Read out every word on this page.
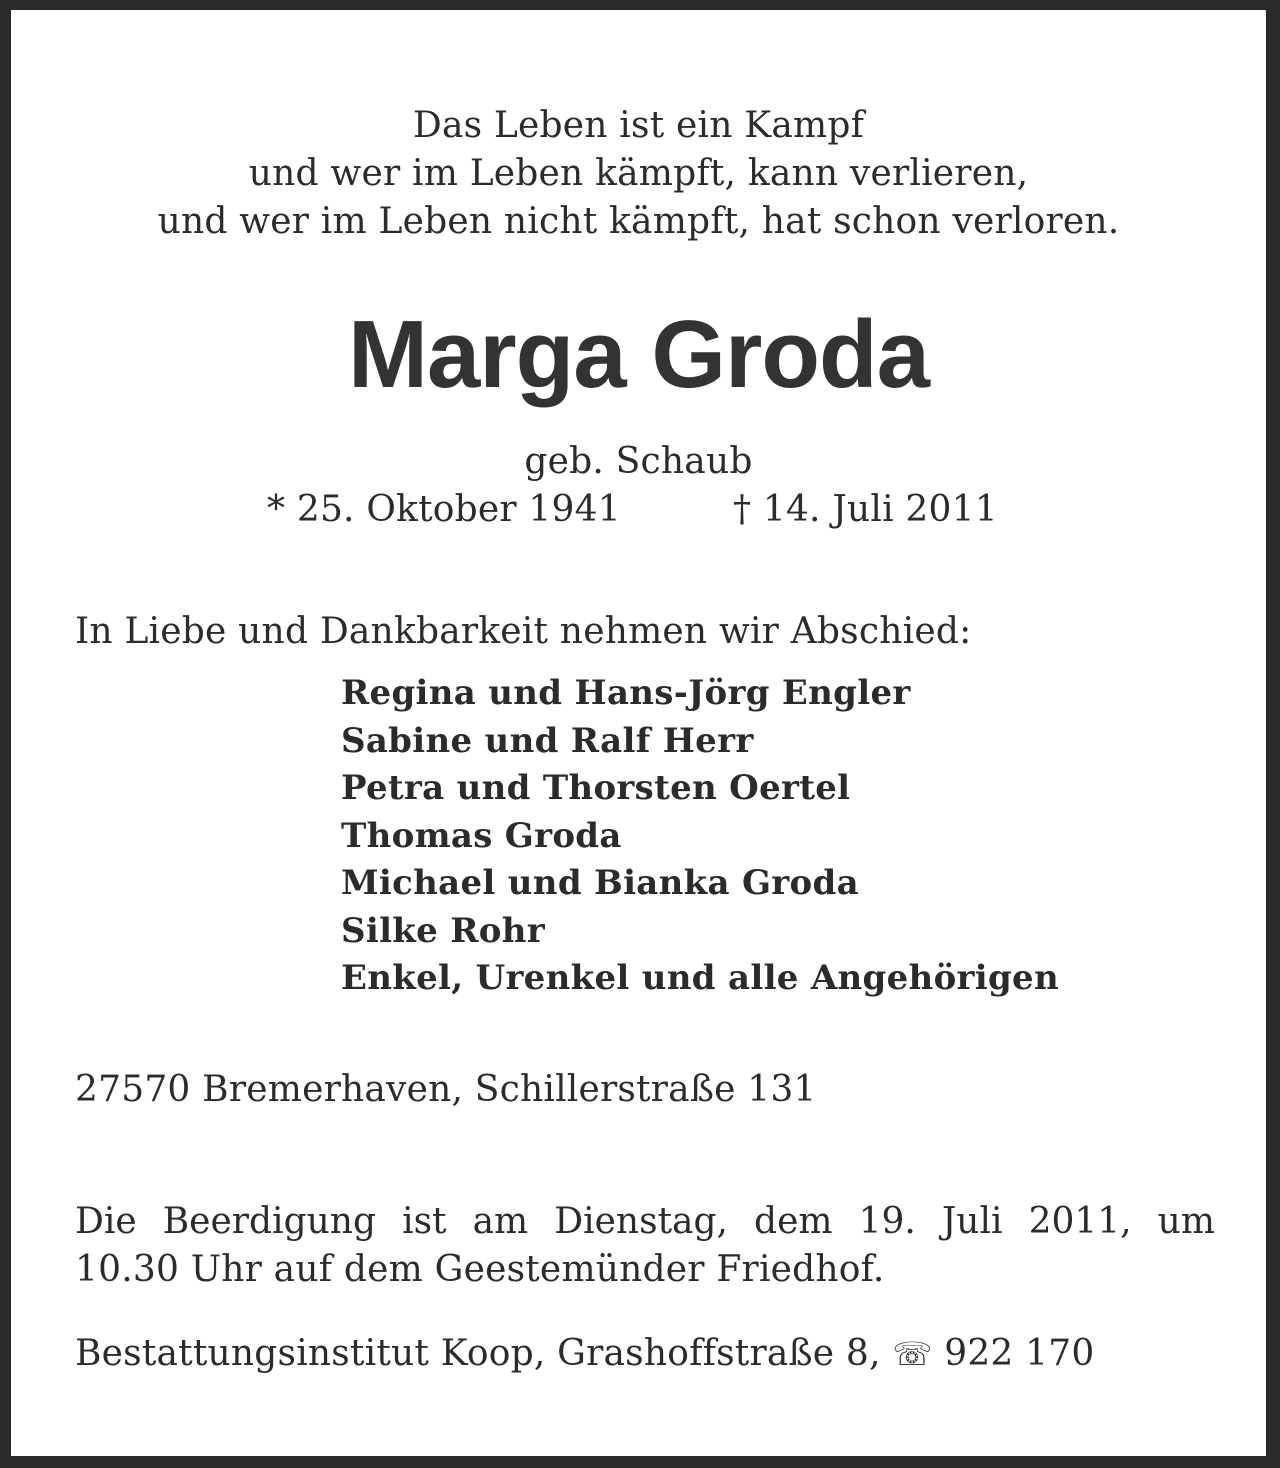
Das Leben ist ein Kampf
und wer im Leben kämpft, kann verlieren,
und wer im Leben nicht kämpft, hat schon verloren.
Marga Groda
geb. Schaub
* 25. Oktober 1941	† 14. Juli 2011
In Liebe und Dankbarkeit nehmen wir Abschied:
Regina und Hans-Jörg Engler
Sabine und Ralf Herr
Petra und Thorsten Oertel
Thomas Groda
Michael und Bianka Groda
Silke Rohr
Enkel, Urenkel und alle Angehörigen
27570 Bremerhaven, Schillerstraße 131
Die Beerdigung ist am Dienstag, dem 19. Juli 2011, um
10.30 Uhr auf dem Geestemünder Friedhof.
Bestattungsinstitut Koop, Grashoffstraße 8, ☏ 922 170
